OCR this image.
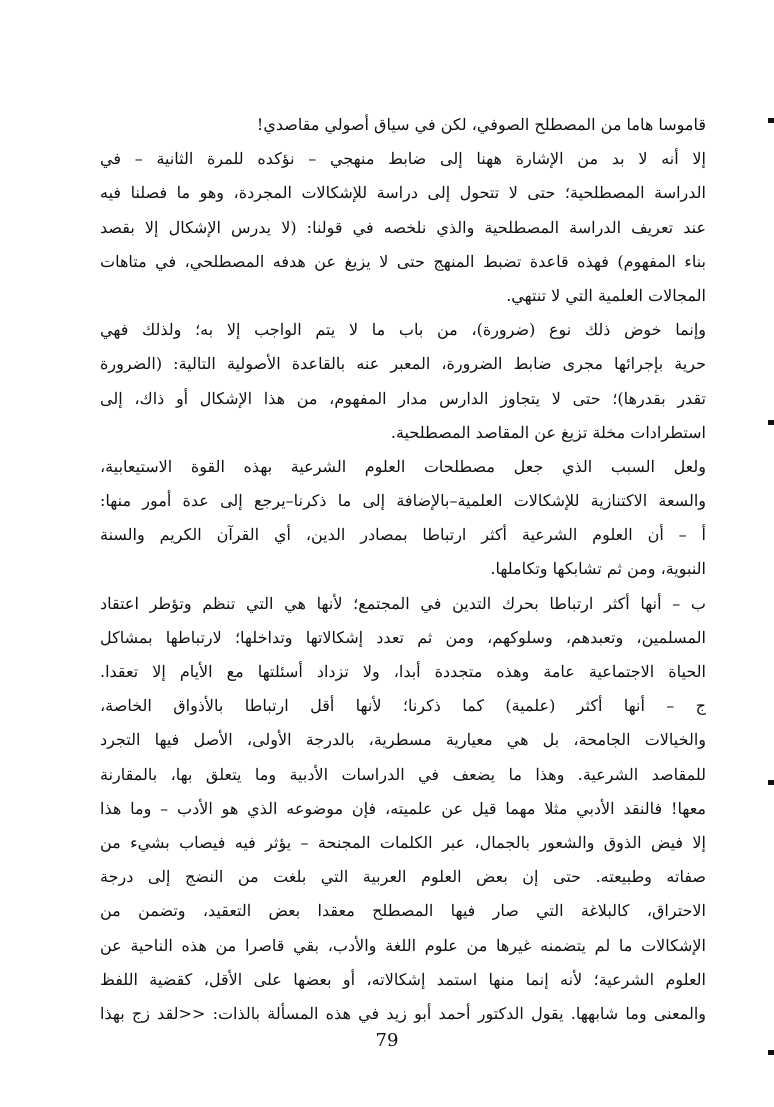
قاموسا هاما من المصطلح الصوفي، لكن في سياق أصولي مقاصدي!
إلا أنه لا بد من الإشارة ههنا إلى ضابط منهجي – نؤكده للمرة الثانية – في
الدراسة المصطلحية؛ حتى لا تتحول إلى دراسة للإشكالات المجردة، وهو ما فصلنا فيه
عند تعريف الدراسة المصطلحية والذي نلخصه في قولنا: (لا يدرس الإشكال إلا بقصد
بناء المفهوم) فهذه قاعدة تضبط المنهج حتى لا يزيغ عن هدفه المصطلحي، في متاهات
المجالات العلمية التي لا تنتهي.
وإنما خوض ذلك نوع (ضرورة)، من باب ما لا يتم الواجب إلا به؛ ولذلك فهي
حرية بإجرائها مجرى ضابط الضرورة، المعبر عنه بالقاعدة الأصولية التالية: (الضرورة
تقدر بقدرها)؛ حتى لا يتجاوز الدارس مدار المفهوم، من هذا الإشكال أو ذاك، إلى
استطرادات مخلة تزيغ عن المقاصد المصطلحية.
ولعل السبب الذي جعل مصطلحات العلوم الشرعية بهذه القوة الاستيعابية،
والسعة الاكتنازية للإشكالات العلمية–بالإضافة إلى ما ذكرنا–يرجع إلى عدة أمور منها:
أ – أن العلوم الشرعية أكثر ارتباطا بمصادر الدين، أي القرآن الكريم والسنة
النبوية، ومن ثم تشابكها وتكاملها.
ب – أنها أكثر ارتباطا بحرك التدين في المجتمع؛ لأنها هي التي تنظم وتؤطر اعتقاد
المسلمين، وتعبدهم، وسلوكهم، ومن ثم تعدد إشكالاتها وتداخلها؛ لارتباطها بمشاكل
الحياة الاجتماعية عامة وهذه متجددة أبدا، ولا تزداد أسئلتها مع الأيام إلا تعقدا.
ج – أنها أكثر (علمية) كما ذكرنا؛ لأنها أقل ارتباطا بالأذواق الخاصة،
والخيالات الجامحة، بل هي معيارية مسطرية، بالدرجة الأولى، الأصل فيها التجرد
للمقاصد الشرعية. وهذا ما يضعف في الدراسات الأدبية وما يتعلق بها، بالمقارنة
معها! فالنقد الأدبي مثلا مهما قيل عن علميته، فإن موضوعه الذي هو الأدب – وما هذا
إلا فيض الذوق والشعور بالجمال، عبر الكلمات المجنحة – يؤثر فيه فيصاب بشيء من
صفاته وطبيعته. حتى إن بعض العلوم العربية التي بلغت من النضج إلى درجة
الاحتراق، كالبلاغة التي صار فيها المصطلح معقدا بعض التعقيد، وتضمن من
الإشكالات ما لم يتضمنه غيرها من علوم اللغة والأدب، بقي قاصرا من هذه الناحية عن
العلوم الشرعية؛ لأنه إنما منها استمد إشكالاته، أو بعضها على الأقل، كقضية اللفظ
والمعنى وما شابهها. يقول الدكتور أحمد أبو زيد في هذه المسألة بالذات: <<لقد زج بهذا
79
